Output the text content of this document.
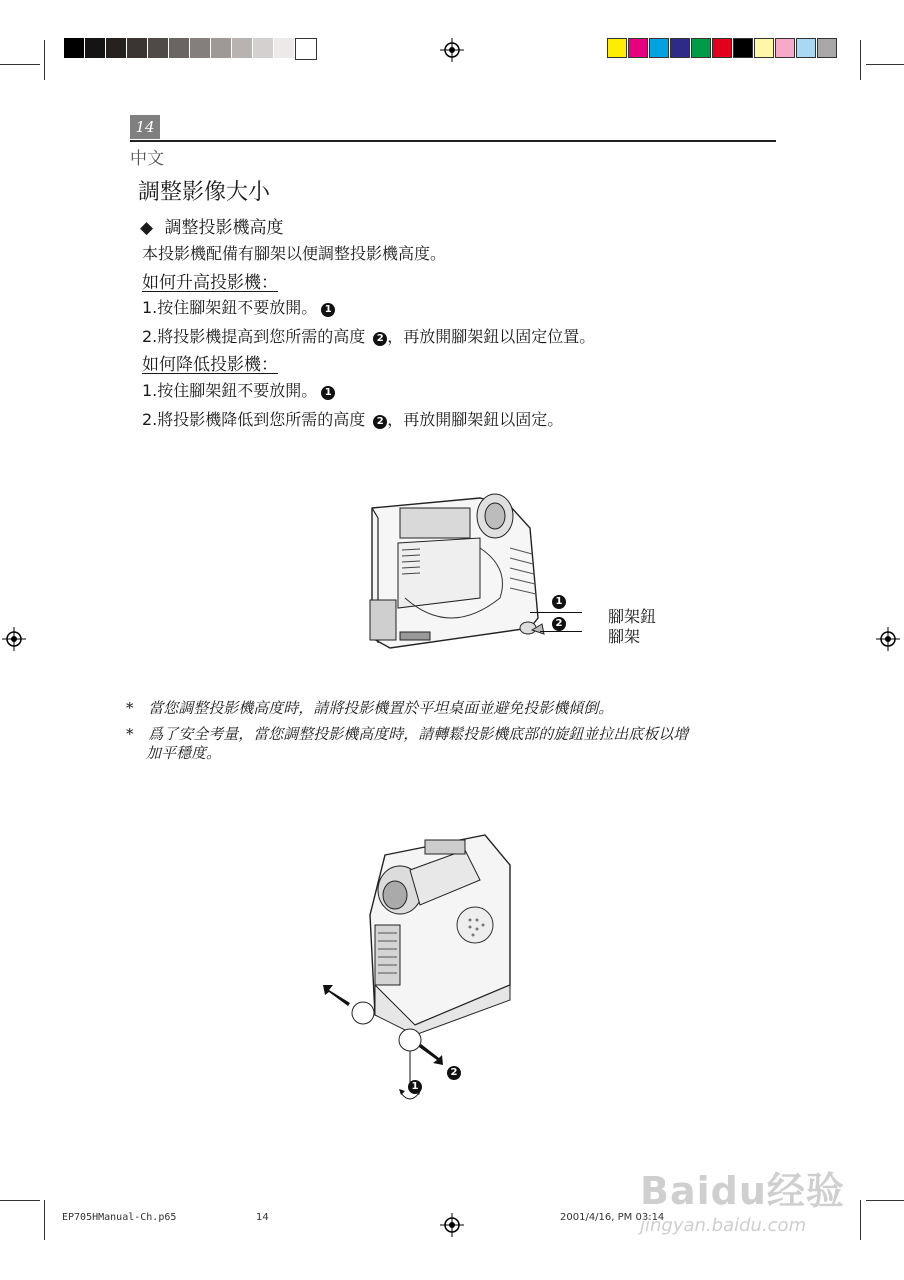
14
中文
調整影像大小
◆ 調整投影機高度
本投影機配備有腳架以便調整投影機高度。
如何升高投影機：
1.按住腳架鈕不要放開。 1
2.將投影機提高到您所需的高度 2 ，再放開腳架鈕以固定位置。
如何降低投影機：
1.按住腳架鈕不要放開。 1
2.將投影機降低到您所需的高度 2 ，再放開腳架鈕以固定。
1
2	腳架鈕
腳架
* 當您調整投影機高度時，請將投影機置於平坦桌面並避免投影機傾倒。
* 爲了安全考量，當您調整投影機高度時，請轉鬆投影機底部的旋鈕並拉出底板以增
加平穩度。
1
2
EP705HManual-Ch.p65	14	2001/4/16, PM 03:14
Baidu经验
jingyan.baidu.com
